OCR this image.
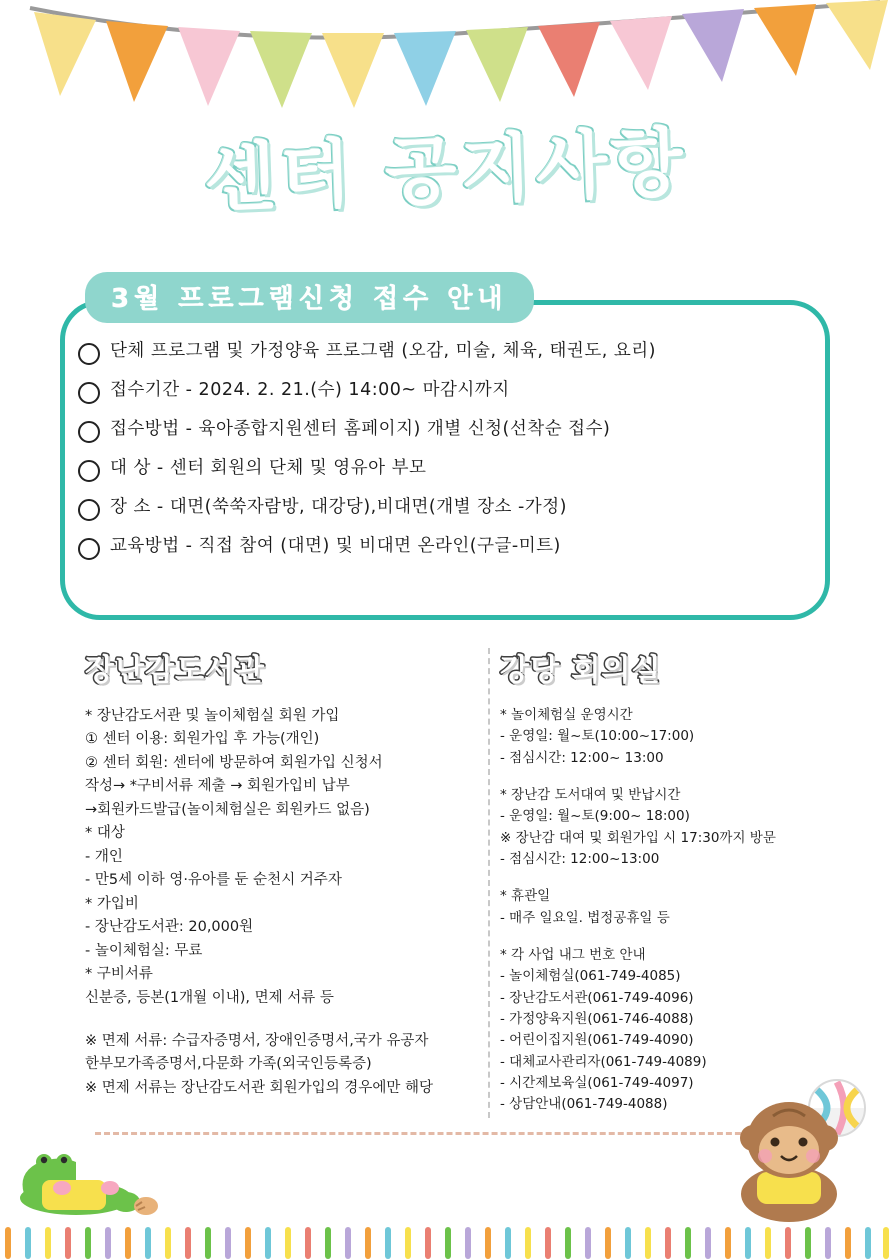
센터 공지사항
3월 프로그램신청 접수 안내
단체 프로그램 및 가정양육 프로그램 (오감, 미술, 체육, 태권도, 요리)
접수기간 - 2024. 2. 21.(수) 14:00~ 마감시까지
접수방법 - 육아종합지원센터 홈페이지) 개별 신청(선착순 접수)
대 상 - 센터 회원의 단체 및 영유아 부모
장 소 - 대면(쑥쑥자람방, 대강당),비대면(개별 장소 -가정)
교육방법 - 직접 참여 (대면) 및 비대면 온라인(구글-미트)
장난감도서관
* 장난감도서관 및 놀이체험실 회원 가입
① 센터 이용: 회원가입 후 가능(개인)
② 센터 회원: 센터에 방문하여 회원가입 신청서
작성→ *구비서류 제출 → 회원가입비 납부
→회원카드발급(놀이체험실은 회원카드 없음)
* 대상
- 개인
- 만5세 이하 영·유아를 둔 순천시 거주자
* 가입비
- 장난감도서관: 20,000원
- 놀이체험실: 무료
* 구비서류
신분증, 등본(1개월 이내), 면제 서류 등
강당 회의실
* 놀이체험실 운영시간
- 운영일: 월~토(10:00~17:00)
- 점심시간: 12:00~ 13:00
* 장난감 도서대여 및 반납시간
- 운영일: 월~토(9:00~ 18:00)
※ 장난감 대여 및 회원가입 시 17:30까지 방문
- 점심시간: 12:00~13:00
* 휴관일
- 매주 일요일. 법정공휴일 등
* 각 사업 내그 번호 안내
- 놀이체험실(061-749-4085)
- 장난감도서관(061-749-4096)
- 가정양육지원(061-746-4088)
- 어린이집지원(061-749-4090)
- 대체교사관리자(061-749-4089)
- 시간제보육실(061-749-4097)
- 상담안내(061-749-4088)
※ 면제 서류: 수급자증명서, 장애인증명서,국가 유공자
한부모가족증명서,다문화 가족(외국인등록증)
※ 면제 서류는 장난감도서관 회원가입의 경우에만 해당
